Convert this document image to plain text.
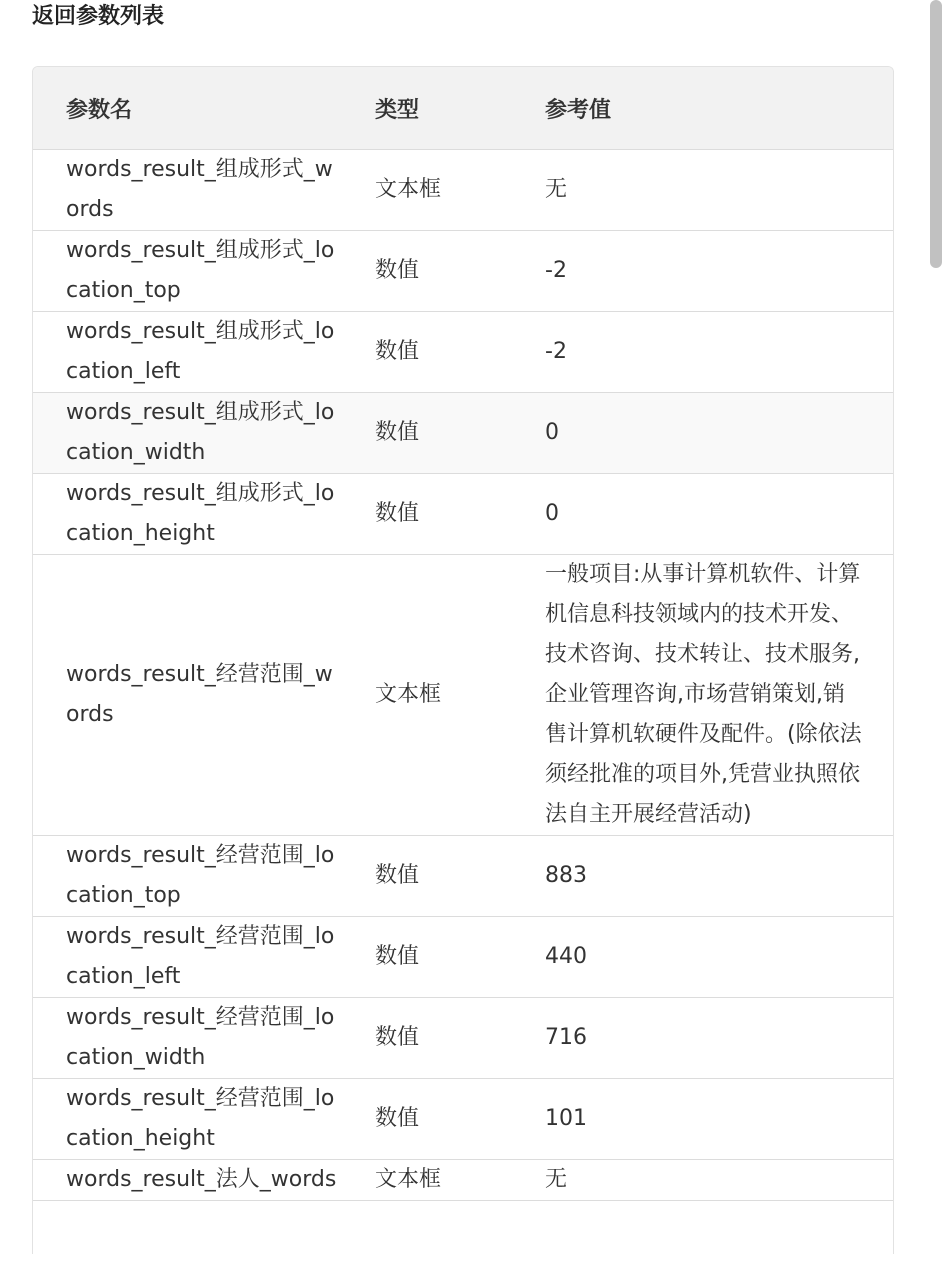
返回参数列表
参数名	类型	参考值
words_result_组成形式_words	文本框	无
words_result_组成形式_location_top	数值	-2
words_result_组成形式_location_left	数值	-2
words_result_组成形式_location_width	数值	0
words_result_组成形式_location_height	数值	0
words_result_经营范围_words	文本框	一般项目:从事计算机软件、计算机信息科技领域内的技术开发、技术咨询、技术转让、技术服务,企业管理咨询,市场营销策划,销售计算机软硬件及配件。(除依法须经批准的项目外,凭营业执照依法自主开展经营活动)
words_result_经营范围_location_top	数值	883
words_result_经营范围_location_left	数值	440
words_result_经营范围_location_width	数值	716
words_result_经营范围_location_height	数值	101
words_result_法人_words	文本框	无
